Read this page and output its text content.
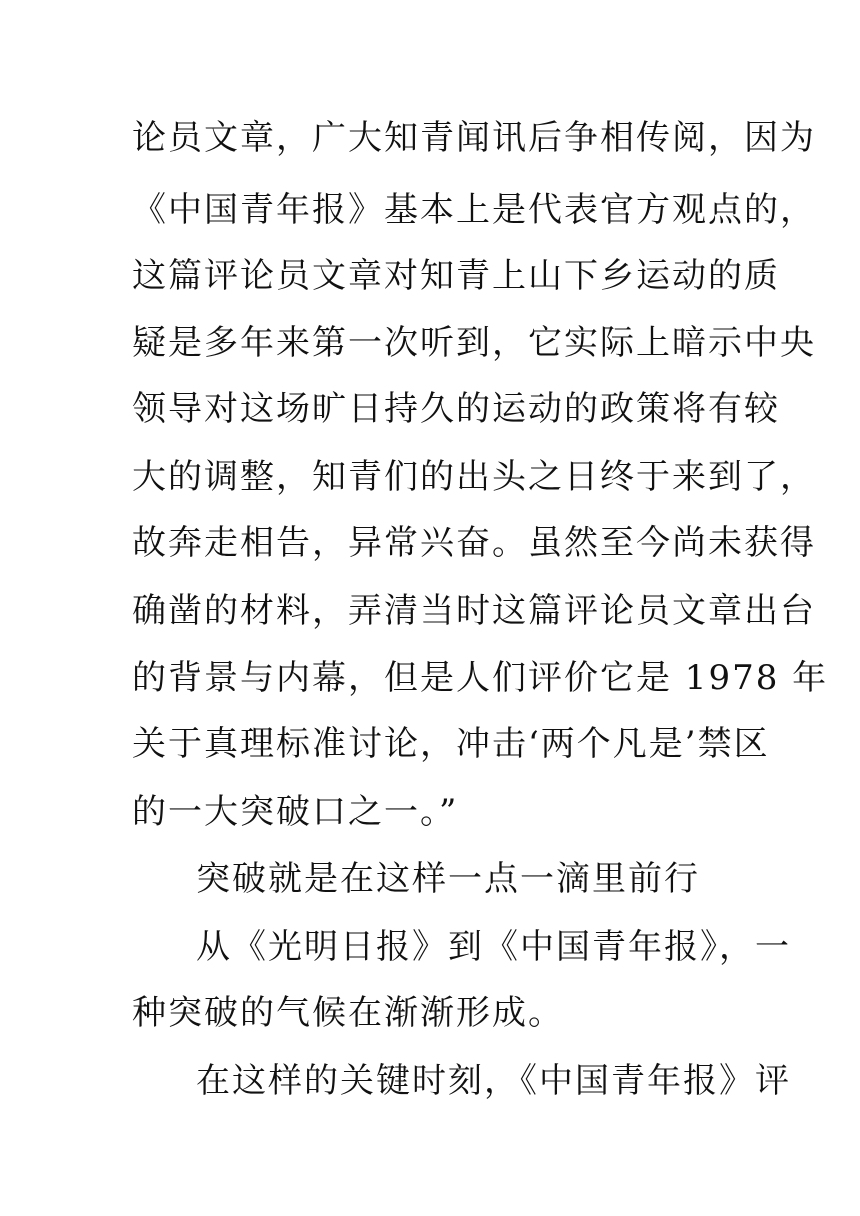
论员文章，广大知青闻讯后争相传阅，因为
《中国青年报》基本上是代表官方观点的，
这篇评论员文章对知青上山下乡运动的质
疑是多年来第一次听到，它实际上暗示中央
领导对这场旷日持久的运动的政策将有较
大的调整，知青们的出头之日终于来到了，
故奔走相告，异常兴奋。虽然至今尚未获得
确凿的材料，弄清当时这篇评论员文章出台
的背景与内幕，但是人们评价它是 1978 年
关于真理标准讨论，冲击‘两个凡是’禁区
的一大突破口之一。”
突破就是在这样一点一滴里前行
从《光明日报》到《中国青年报》，一
种突破的气候在渐渐形成。
在这样的关键时刻，《中国青年报》评
